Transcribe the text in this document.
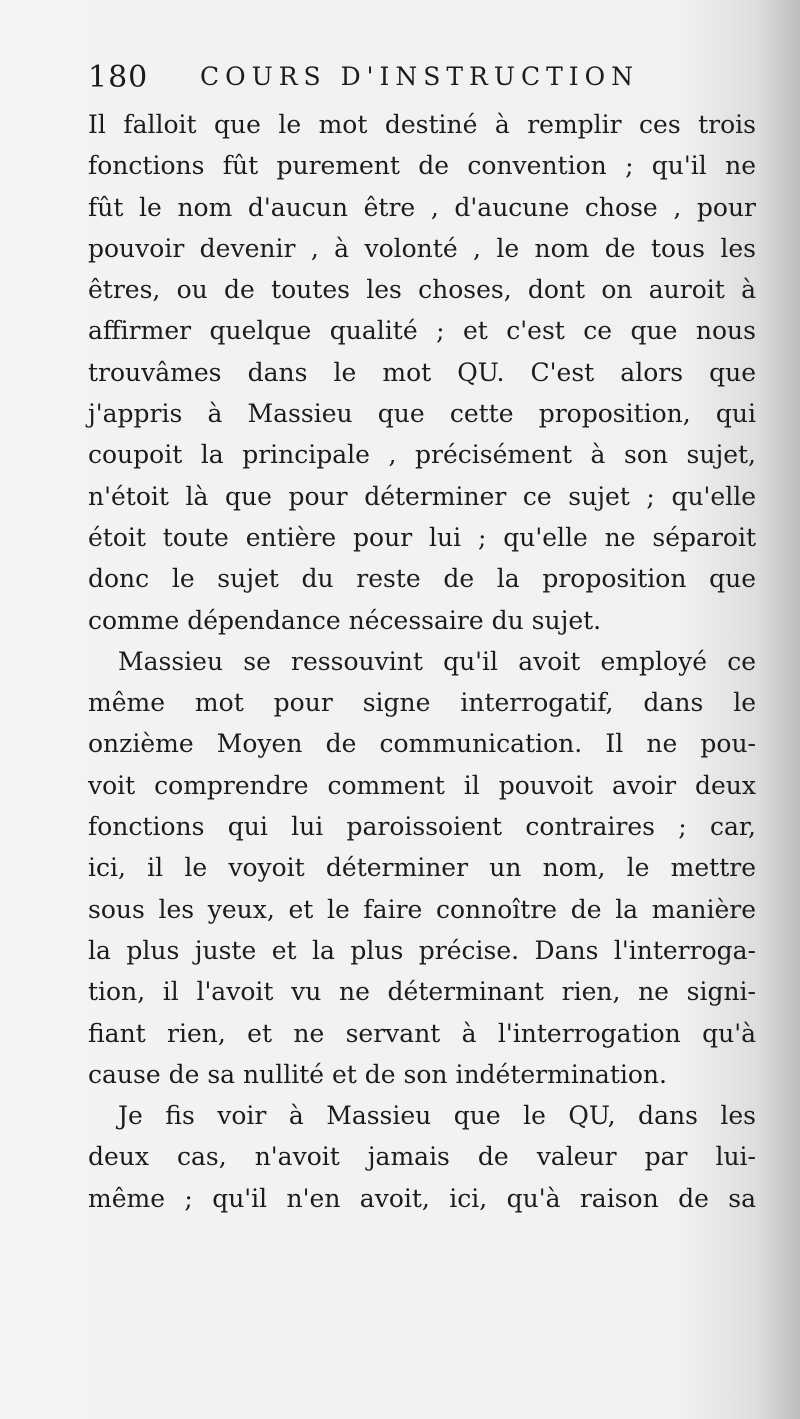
180 COURS D'INSTRUCTION
Il falloit que le mot destiné à remplir ces trois
fonctions fût purement de convention ; qu'il ne
fût le nom d'aucun être , d'aucune chose , pour
pouvoir devenir , à volonté , le nom de tous les
êtres, ou de toutes les choses, dont on auroit à
affirmer quelque qualité ; et c'est ce que nous
trouvâmes dans le mot QU. C'est alors que
j'appris à Massieu que cette proposition, qui
coupoit la principale , précisément à son sujet,
n'étoit là que pour déterminer ce sujet ; qu'elle
étoit toute entière pour lui ; qu'elle ne séparoit
donc le sujet du reste de la proposition que
comme dépendance nécessaire du sujet.
Massieu se ressouvint qu'il avoit employé ce
même mot pour signe interrogatif, dans le
onzième Moyen de communication. Il ne pou-
voit comprendre comment il pouvoit avoir deux
fonctions qui lui paroissoient contraires ; car,
ici, il le voyoit déterminer un nom, le mettre
sous les yeux, et le faire connoître de la manière
la plus juste et la plus précise. Dans l'interroga-
tion, il l'avoit vu ne déterminant rien, ne signi-
fiant rien, et ne servant à l'interrogation qu'à
cause de sa nullité et de son indétermination.
Je fis voir à Massieu que le QU, dans les
deux cas, n'avoit jamais de valeur par lui-
même ; qu'il n'en avoit, ici, qu'à raison de sa
